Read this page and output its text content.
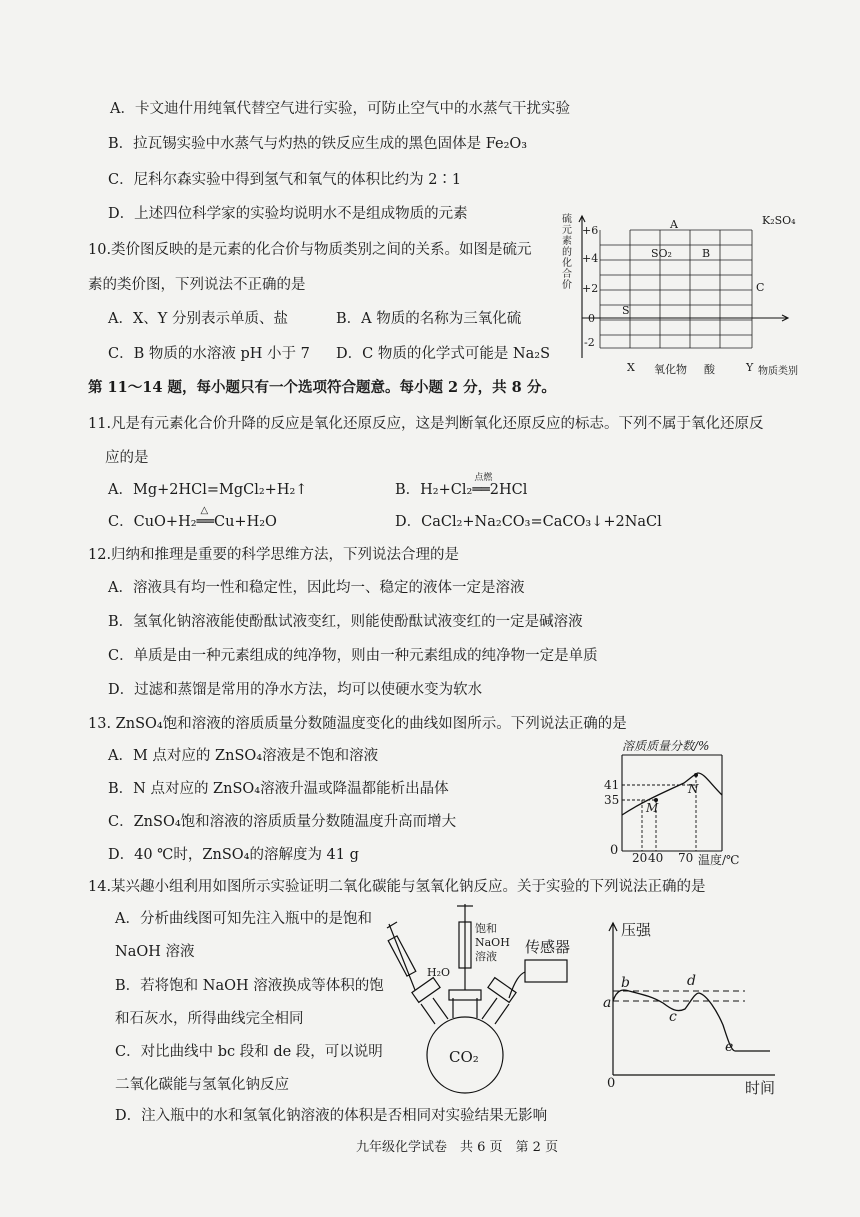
A．卡文迪什用纯氧代替空气进行实验，可防止空气中的水蒸气干扰实验
B．拉瓦锡实验中水蒸气与灼热的铁反应生成的黑色固体是 Fe₂O₃
C．尼科尔森实验中得到氢气和氧气的体积比约为 2∶1
D．上述四位科学家的实验均说明水不是组成物质的元素
10.类价图反映的是元素的化合价与物质类别之间的关系。如图是硫元
素的类价图，下列说法不正确的是
A．X、Y 分别表示单质、盐	B．A 物质的名称为三氧化硫
C．B 物质的水溶液 pH 小于 7 D．C 物质的化学式可能是 Na₂S
硫元素的化合价
+6
+4
+2
0
-2
A	K₂SO₄
SO₂	B
C
S
X 氧化物 酸	Y 物质类别
第 11～14 题，每小题只有一个选项符合题意。每小题 2 分，共 8 分。
11.凡是有元素化合价升降的反应是氧化还原反应，这是判断氧化还原反应的标志。下列不属于氧化还原反
应的是
A．Mg+2HCl=MgCl₂+H₂↑	B．H₂+Cl₂
点燃
══2HCl
C．CuO+H₂
△
══Cu+H₂O	D．CaCl₂+Na₂CO₃=CaCO₃↓+2NaCl
12.归纳和推理是重要的科学思维方法，下列说法合理的是
A．溶液具有均一性和稳定性，因此均一、稳定的液体一定是溶液
B．氢氧化钠溶液能使酚酞试液变红，则能使酚酞试液变红的一定是碱溶液
C．单质是由一种元素组成的纯净物，则由一种元素组成的纯净物一定是单质
D．过滤和蒸馏是常用的净水方法，均可以使硬水变为软水
13. ZnSO₄饱和溶液的溶质质量分数随温度变化的曲线如图所示。下列说法正确的是
A．M 点对应的 ZnSO₄溶液是不饱和溶液
B．N 点对应的 ZnSO₄溶液升温或降温都能析出晶体
C．ZnSO₄饱和溶液的溶质质量分数随温度升高而增大
D．40 ℃时，ZnSO₄的溶解度为 41 g
溶质质量分数/%
41
35
M
N
0 20 40 70 温度/℃
14.某兴趣小组利用如图所示实验证明二氧化碳能与氢氧化钠反应。关于实验的下列说法正确的是
A．分析曲线图可知先注入瓶中的是饱和
NaOH 溶液
B．若将饱和 NaOH 溶液换成等体积的饱
和石灰水，所得曲线完全相同
C．对比曲线中 bc 段和 de 段，可以说明
二氧化碳能与氢氧化钠反应
D．注入瓶中的水和氢氧化钠溶液的体积是否相同对实验结果无影响
H₂O
饱和
NaOH
溶液
传感器
CO₂
压强
时间
0
a
b
c
d
e
九年级化学试卷　共 6 页　第 2 页
